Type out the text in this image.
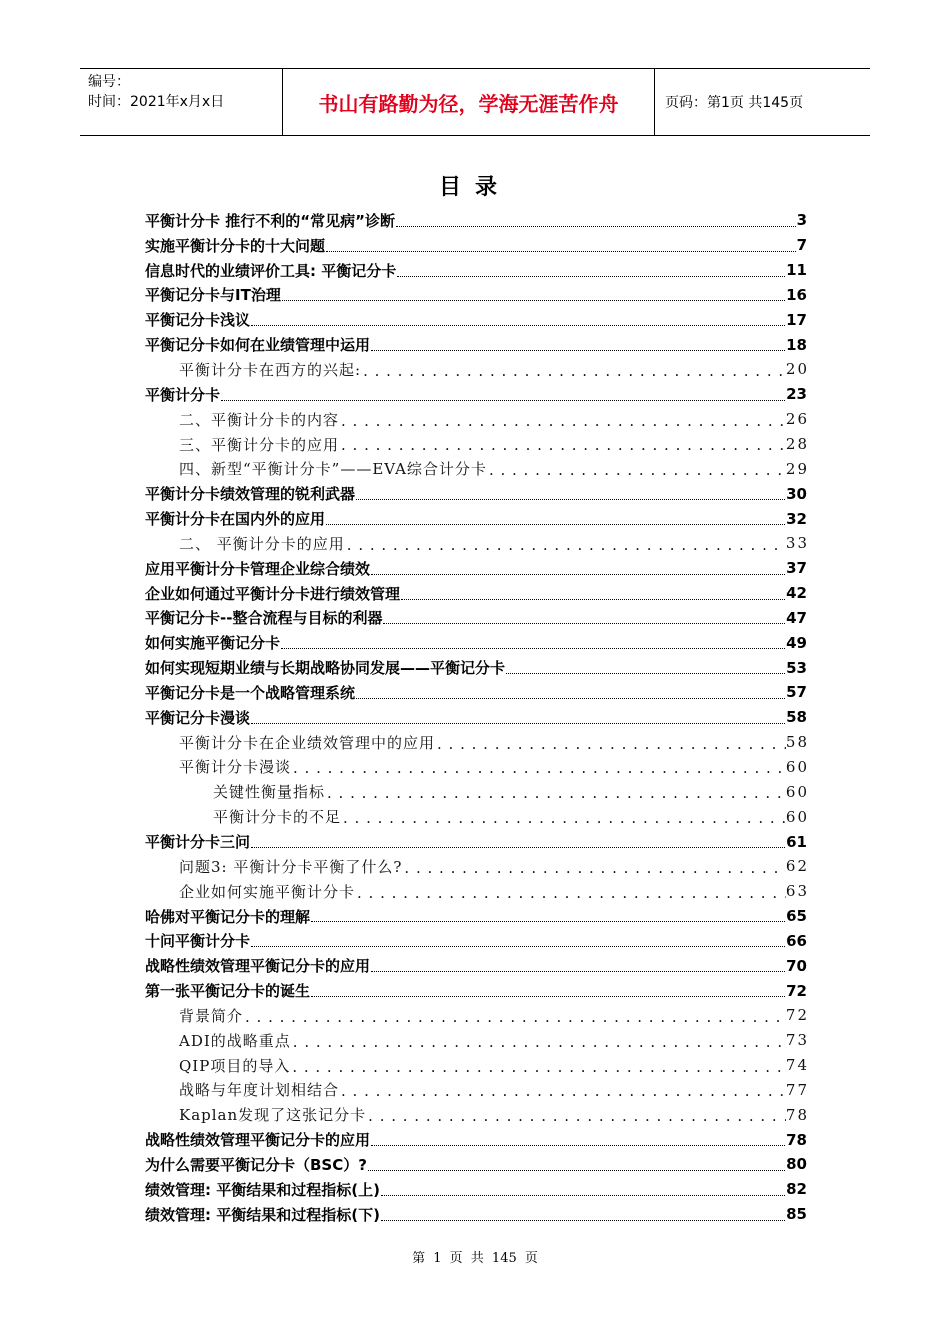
编号：
时间：2021年x月x日	书山有路勤为径，学海无涯苦作舟	页码：第1页 共145页
目录
平衡计分卡 推行不利的“常见病”诊断	3
实施平衡计分卡的十大问题	7
信息时代的业绩评价工具: 平衡记分卡	11
平衡记分卡与IT治理	16
平衡记分卡浅议	17
平衡记分卡如何在业绩管理中运用	18
平衡计分卡在西方的兴起: . . .	20
平衡计分卡	23
二、平衡计分卡的内容 . . .	26
三、平衡计分卡的应用 . . .	28
四、新型“平衡计分卡”——EVA综合计分卡 . . .	29
平衡计分卡绩效管理的锐利武器	30
平衡计分卡在国内外的应用	32
二、 平衡计分卡的应用 . . .	33
应用平衡计分卡管理企业综合绩效	37
企业如何通过平衡计分卡进行绩效管理	42
平衡记分卡--整合流程与目标的利器	47
如何实施平衡记分卡	49
如何实现短期业绩与长期战略协同发展——平衡记分卡	53
平衡记分卡是一个战略管理系统	57
平衡记分卡漫谈	58
平衡计分卡在企业绩效管理中的应用 . . .	58
平衡计分卡漫谈 . . .	60
关键性衡量指标 . . .	60
平衡计分卡的不足 . . .	60
平衡计分卡三问	61
问题3: 平衡计分卡平衡了什么? . . .	62
企业如何实施平衡计分卡 . . .	63
哈佛对平衡记分卡的理解	65
十问平衡计分卡	66
战略性绩效管理平衡记分卡的应用	70
第一张平衡记分卡的诞生	72
背景简介 . . .	72
ADI的战略重点 . . .	73
QIP项目的导入 . . .	74
战略与年度计划相结合 . . .	77
Kaplan发现了这张记分卡 . . .	78
战略性绩效管理平衡记分卡的应用	78
为什么需要平衡记分卡（BSC）?	80
绩效管理: 平衡结果和过程指标(上)	82
绩效管理: 平衡结果和过程指标(下)	85
第 1 页 共 145 页
